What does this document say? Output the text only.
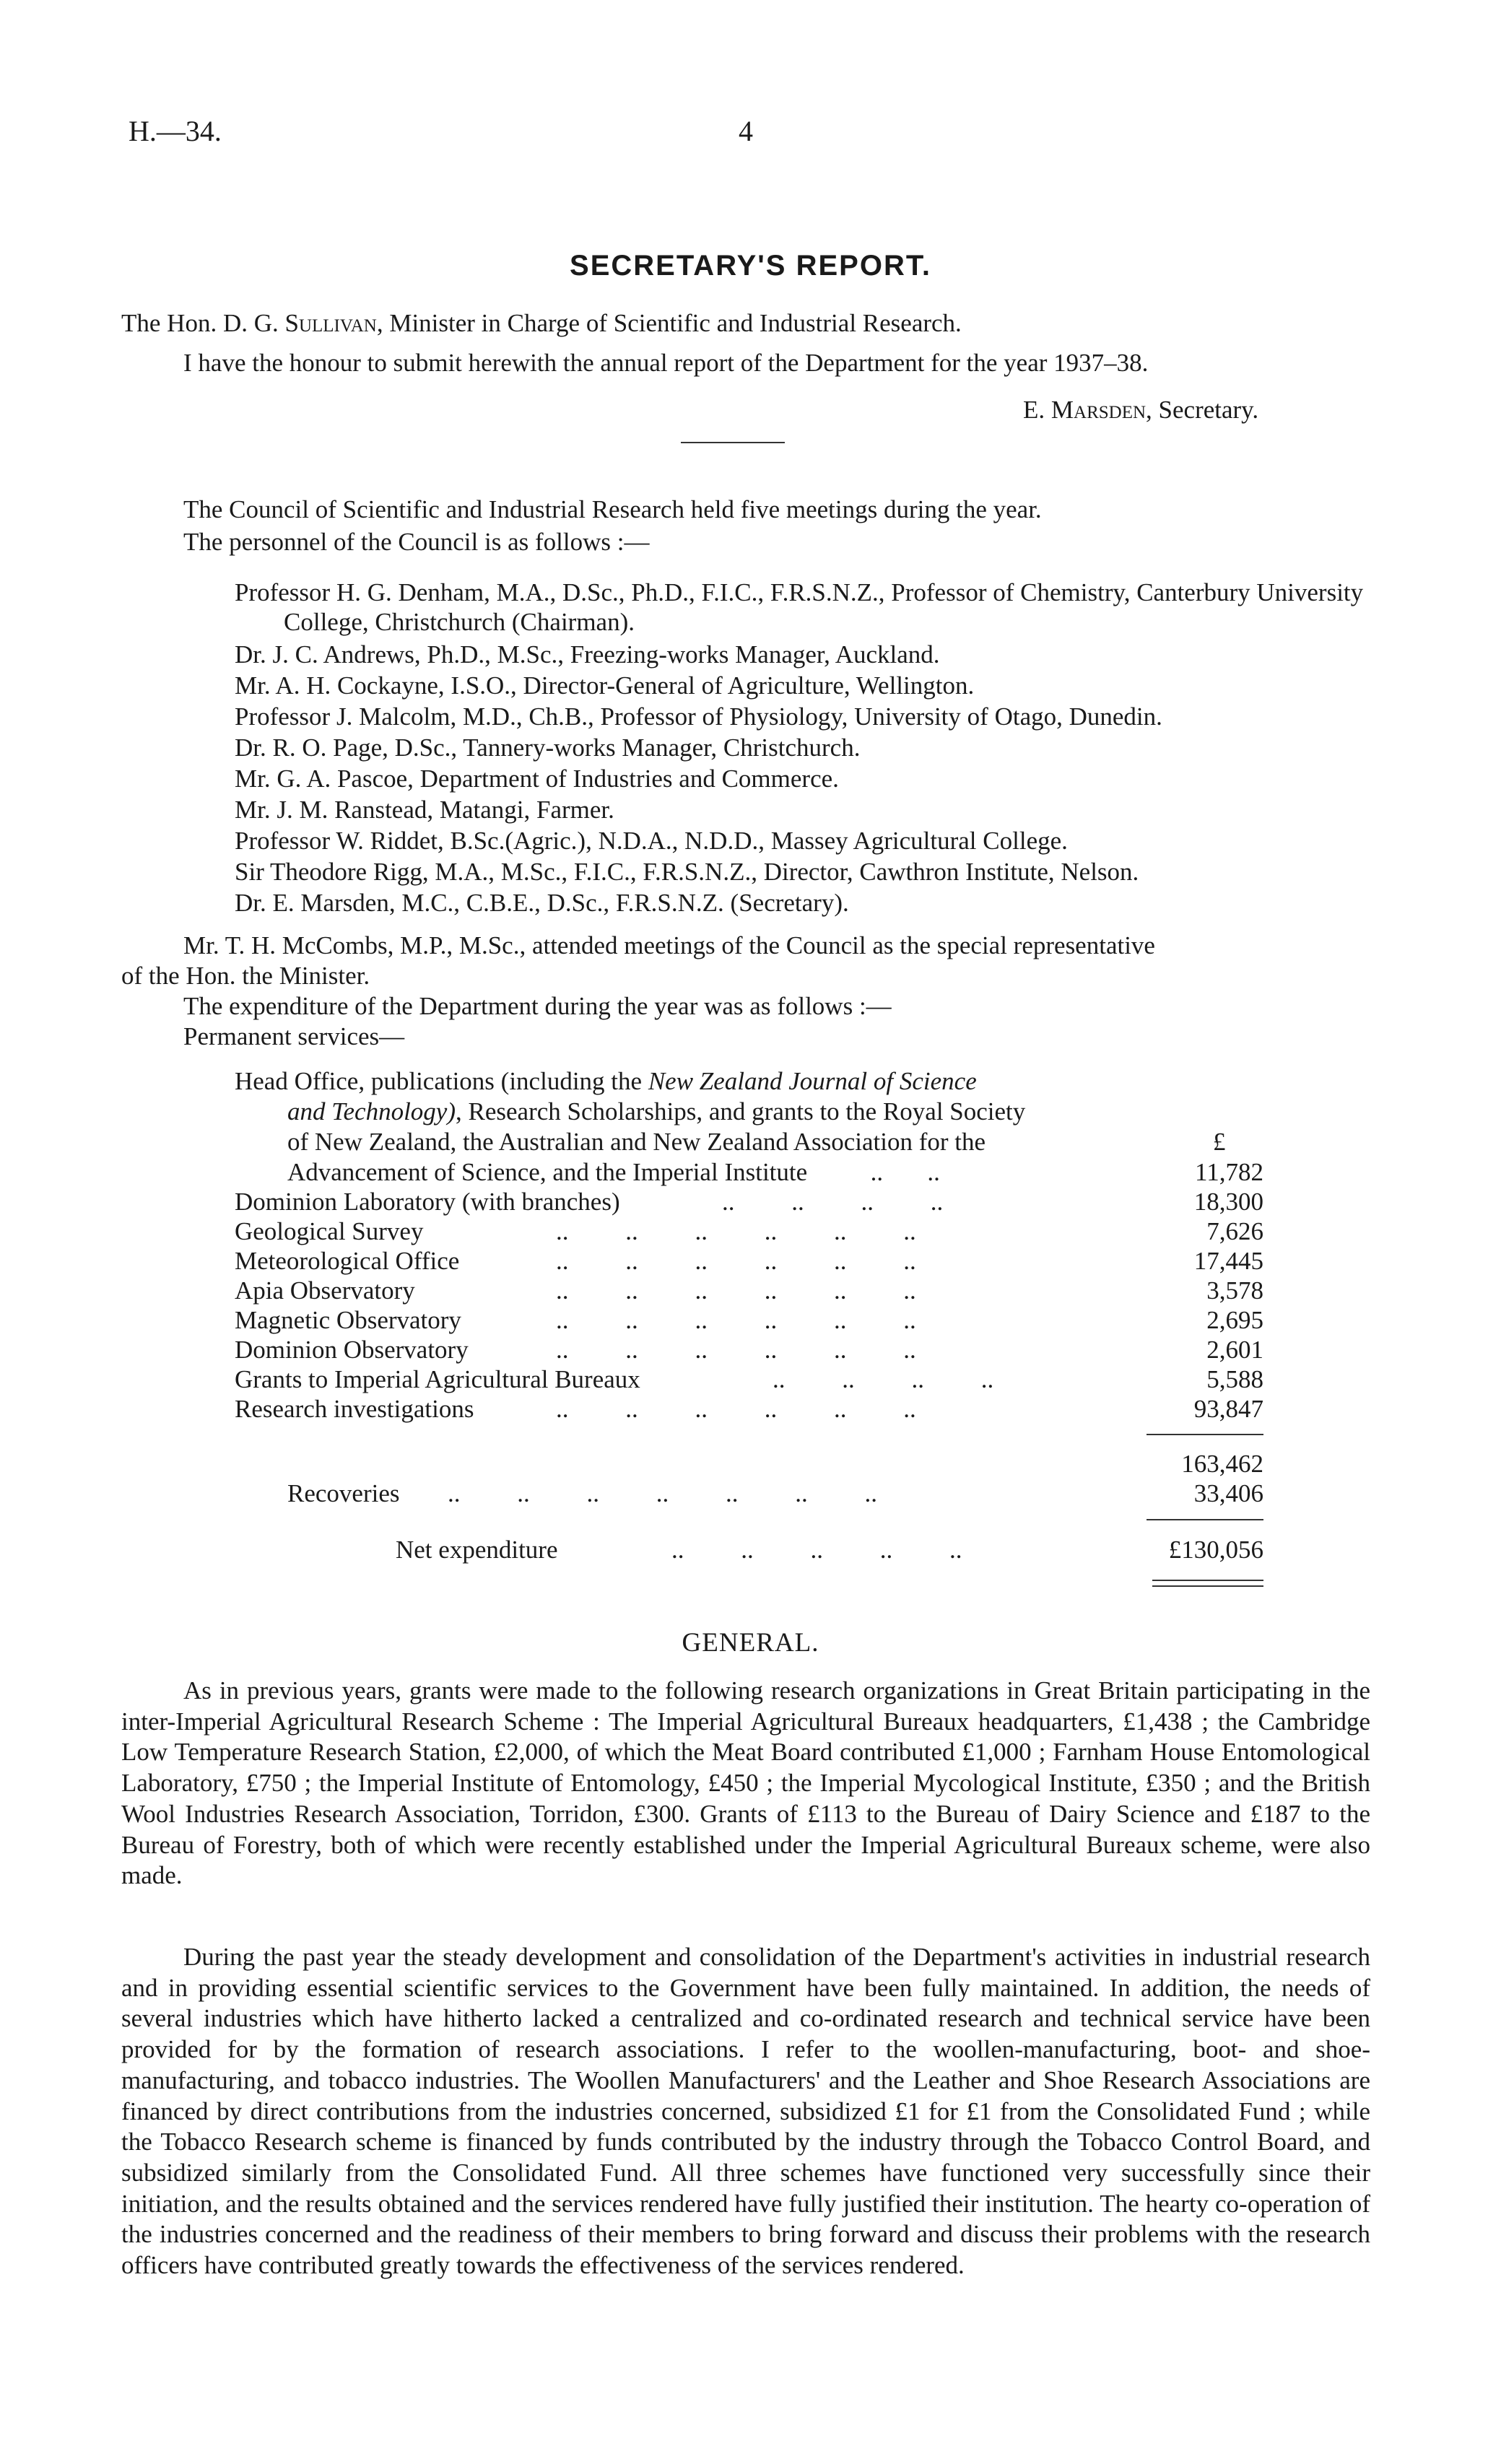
H.—34.	4
SECRETARY'S REPORT.
The Hon. D. G. Sullivan, Minister in Charge of Scientific and Industrial Research.
I have the honour to submit herewith the annual report of the Department for the year 1937–38.
E. Marsden, Secretary.
The Council of Scientific and Industrial Research held five meetings during the year.
The personnel of the Council is as follows :—
Professor H. G. Denham, M.A., D.Sc., Ph.D., F.I.C., F.R.S.N.Z., Professor of Chemistry, Canterbury University College, Christchurch (Chairman).
Dr. J. C. Andrews, Ph.D., M.Sc., Freezing-works Manager, Auckland.
Mr. A. H. Cockayne, I.S.O., Director-General of Agriculture, Wellington.
Professor J. Malcolm, M.D., Ch.B., Professor of Physiology, University of Otago, Dunedin.
Dr. R. O. Page, D.Sc., Tannery-works Manager, Christchurch.
Mr. G. A. Pascoe, Department of Industries and Commerce.
Mr. J. M. Ranstead, Matangi, Farmer.
Professor W. Riddet, B.Sc.(Agric.), N.D.A., N.D.D., Massey Agricultural College.
Sir Theodore Rigg, M.A., M.Sc., F.I.C., F.R.S.N.Z., Director, Cawthron Institute, Nelson.
Dr. E. Marsden, M.C., C.B.E., D.Sc., F.R.S.N.Z. (Secretary).
Mr. T. H. McCombs, M.P., M.Sc., attended meetings of the Council as the special representative
of the Hon. the Minister.
The expenditure of the Department during the year was as follows :—
Permanent services—
Head Office, publications (including the New Zealand Journal of Science
and Technology), Research Scholarships, and grants to the Royal Society
of New Zealand, the Australian and New Zealand Association for the	£
Advancement of Science, and the Imperial Institute          ..       ..	11,782
Dominion Laboratory (with branches)	18,300
Geological Survey	7,626
Meteorological Office	17,445
Apia Observatory	3,578
Magnetic Observatory	2,695
Dominion Observatory	2,601
Grants to Imperial Agricultural Bureaux	5,588
Research investigations	93,847
..         ..         ..         ..
..         ..         ..         ..         ..         ..
..         ..         ..         ..         ..         ..
..         ..         ..         ..         ..         ..
..         ..         ..         ..         ..         ..
..         ..         ..         ..         ..         ..
..         ..         ..         ..
..         ..         ..         ..         ..         ..
163,462
Recoveries ..         ..         ..         ..         ..         ..         ..	33,406
Net expenditure	..         ..         ..         ..         ..	£130,056
GENERAL.
As in previous years, grants were made to the following research organizations in Great Britain participating in the inter-Imperial Agricultural Research Scheme : The Imperial Agricultural Bureaux headquarters, £1,438 ; the Cambridge Low Temperature Research Station, £2,000, of which the Meat Board contributed £1,000 ; Farnham House Entomological Laboratory, £750 ; the Imperial Institute of Entomology, £450 ; the Imperial Mycological Institute, £350 ; and the British Wool Industries Research Association, Torridon, £300. Grants of £113 to the Bureau of Dairy Science and £187 to the Bureau of Forestry, both of which were recently established under the Imperial Agricultural Bureaux scheme, were also made.
During the past year the steady development and consolidation of the Department's activities in industrial research and in providing essential scientific services to the Government have been fully maintained. In addition, the needs of several industries which have hitherto lacked a centralized and co-ordinated research and technical service have been provided for by the formation of research associations. I refer to the woollen-manufacturing, boot- and shoe-manufacturing, and tobacco industries. The Woollen Manufacturers' and the Leather and Shoe Research Associations are financed by direct contributions from the industries concerned, subsidized £1 for £1 from the Consolidated Fund ; while the Tobacco Research scheme is financed by funds contributed by the industry through the Tobacco Control Board, and subsidized similarly from the Consolidated Fund. All three schemes have functioned very successfully since their initiation, and the results obtained and the services rendered have fully justified their institution. The hearty co-operation of the industries concerned and the readiness of their members to bring forward and discuss their problems with the research officers have contributed greatly towards the effectiveness of the services rendered.
